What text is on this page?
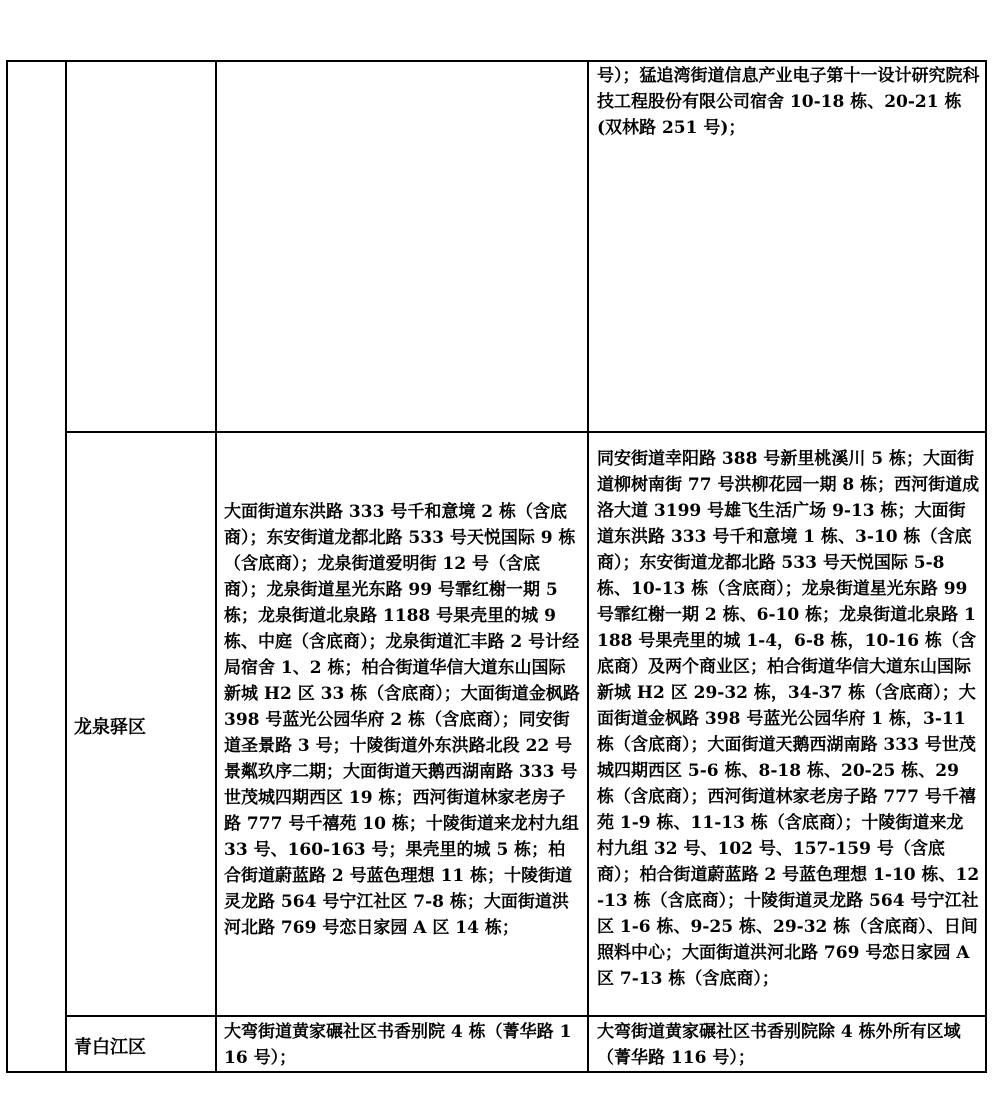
号）；猛追湾街道信息产业电子第十一设计研究院科技工程股份有限公司宿舍 10-18 栋、20-21 栋(双林路 251 号)；
龙泉驿区
大面街道东洪路 333 号千和意境 2 栋（含底商）；东安街道龙都北路 533 号天悦国际 9 栋（含底商）；龙泉街道爱明街 12 号（含底商）；龙泉街道星光东路 99 号霏红榭一期 5 栋；龙泉街道北泉路 1188 号果壳里的城 9 栋、中庭（含底商）；龙泉街道汇丰路 2 号计经局宿舍 1、2 栋；柏合街道华信大道东山国际新城 H2 区 33 栋（含底商）；大面街道金枫路 398 号蓝光公园华府 2 栋（含底商）；同安街道圣景路 3 号；十陵街道外东洪路北段 22 号景粼玖序二期；大面街道天鹅西湖南路 333 号世茂城四期西区 19 栋；西河街道林家老房子路 777 号千禧苑 10 栋；十陵街道来龙村九组 33 号、160-163 号；果壳里的城 5 栋；柏合街道蔚蓝路 2 号蓝色理想 11 栋；十陵街道灵龙路 564 号宁江社区 7-8 栋；大面街道洪河北路 769 号恋日家园 A 区 14 栋；
同安街道幸阳路 388 号新里桃溪川 5 栋；大面街道柳树南街 77 号洪柳花园一期 8 栋；西河街道成洛大道 3199 号雄飞生活广场 9-13 栋；大面街道东洪路 333 号千和意境 1 栋、3-10 栋（含底商）；东安街道龙都北路 533 号天悦国际 5-8 栋、10-13 栋（含底商）；龙泉街道星光东路 99 号霏红榭一期 2 栋、6-10 栋；龙泉街道北泉路 1188 号果壳里的城 1-4，6-8 栋，10-16 栋（含底商）及两个商业区；柏合街道华信大道东山国际新城 H2 区 29-32 栋，34-37 栋（含底商）；大面街道金枫路 398 号蓝光公园华府 1 栋，3-11 栋（含底商）；大面街道天鹅西湖南路 333 号世茂城四期西区 5-6 栋、8-18 栋、20-25 栋、29 栋（含底商）；西河街道林家老房子路 777 号千禧苑 1-9 栋、11-13 栋（含底商）；十陵街道来龙村九组 32 号、102 号、157-159 号（含底商）；柏合街道蔚蓝路 2 号蓝色理想 1-10 栋、12-13 栋（含底商）；十陵街道灵龙路 564 号宁江社区 1-6 栋、9-25 栋、29-32 栋（含底商）、日间照料中心；大面街道洪河北路 769 号恋日家园 A 区 7-13 栋（含底商）；
青白江区
大弯街道黄家碾社区书香别院 4 栋（菁华路 116 号）；
大弯街道黄家碾社区书香别院除 4 栋外所有区域（菁华路 116 号）；
